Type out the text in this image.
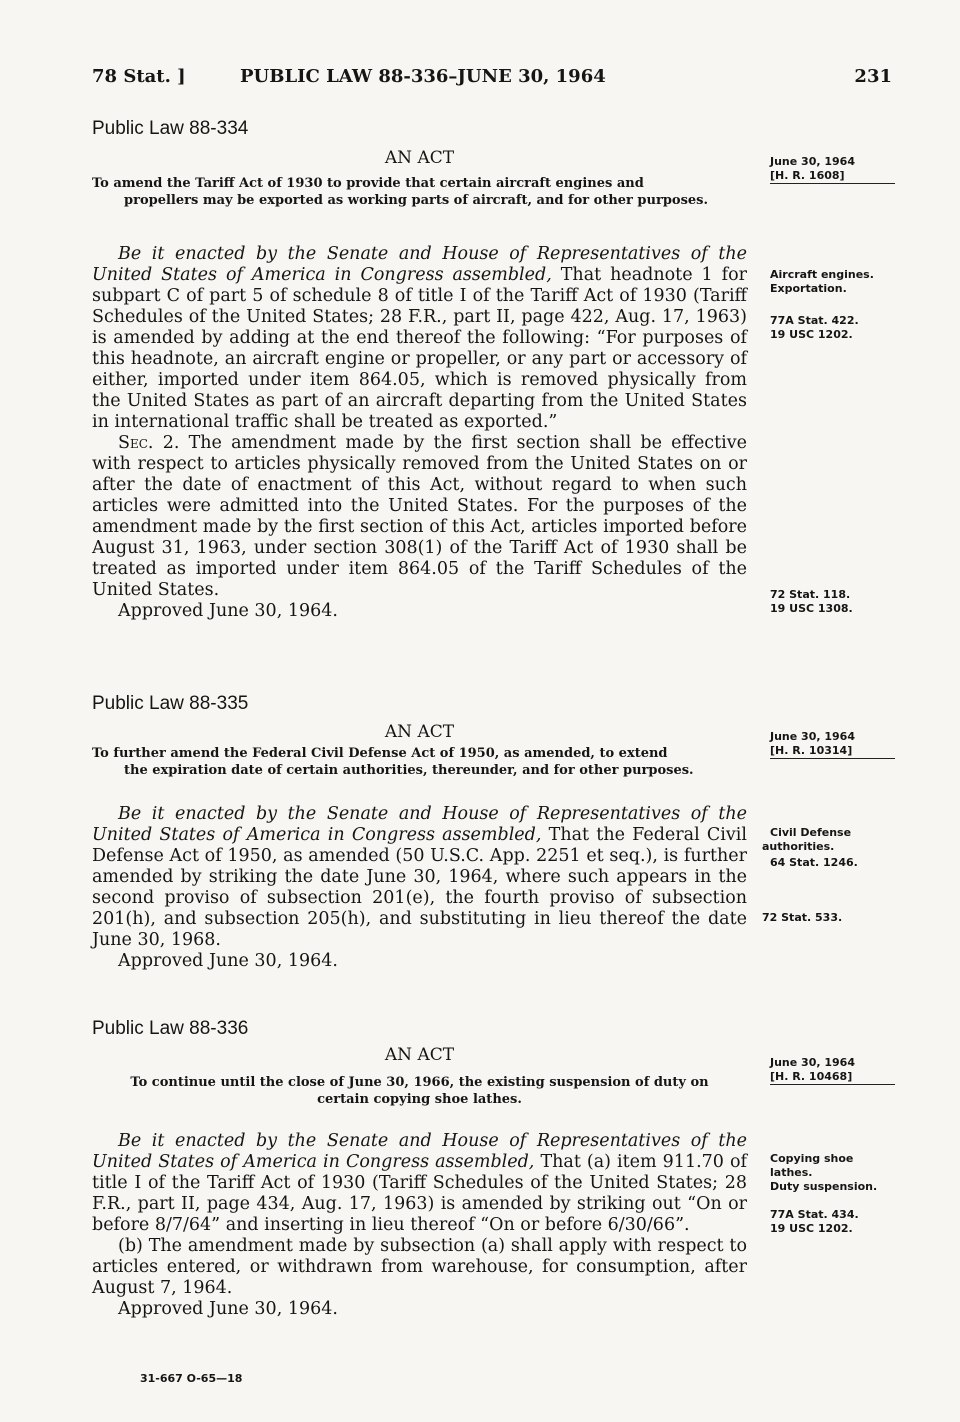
78 Stat. ]	PUBLIC LAW 88-336–JUNE 30, 1964	231
Public Law 88-334
AN ACT
To amend the Tariff Act of 1930 to provide that certain aircraft engines and
propellers may be exported as working parts of aircraft, and for other purposes.
June 30, 1964
[H. R. 1608]

Be it enacted by the Senate and House of Representatives of the United States of America in Congress assembled, That headnote 1 for subpart C of part 5 of schedule 8 of title I of the Tariff Act of 1930 (Tariff Schedules of the United States; 28 F.R., part II, page 422, Aug. 17, 1963) is amended by adding at the end thereof the following: “For purposes of this headnote, an aircraft engine or propeller, or any part or accessory of either, imported under item 864.05, which is removed physically from the United States as part of an aircraft departing from the United States in international traffic shall be treated as exported.”

Sec. 2. The amendment made by the first section shall be effective with respect to articles physically removed from the United States on or after the date of enactment of this Act, without regard to when such articles were admitted into the United States. For the purposes of the amendment made by the first section of this Act, articles imported before August 31, 1963, under section 308(1) of the Tariff Act of 1930 shall be treated as imported under item 864.05 of the Tariff Schedules of the United States.

Approved June 30, 1964.

Aircraft engines.
Exportation.
77A Stat. 422.
19 USC 1202.
72 Stat. 118.
19 USC 1308.
Public Law 88-335
AN ACT
To further amend the Federal Civil Defense Act of 1950, as amended, to extend
the expiration date of certain authorities, thereunder, and for other purposes.
June 30, 1964
[H. R. 10314]

Be it enacted by the Senate and House of Representatives of the United States of America in Congress assembled, That the Federal Civil Defense Act of 1950, as amended (50 U.S.C. App. 2251 et seq.), is further amended by striking the date June 30, 1964, where such appears in the second proviso of subsection 201(e), the fourth proviso of subsection 201(h), and subsection 205(h), and substituting in lieu thereof the date June 30, 1968.

Approved June 30, 1964.

Civil Defense
authorities.
64 Stat. 1246.
72 Stat. 533.
Public Law 88-336
AN ACT
To continue until the close of June 30, 1966, the existing suspension of duty on
certain copying shoe lathes.
June 30, 1964
[H. R. 10468]

Be it enacted by the Senate and House of Representatives of the United States of America in Congress assembled, That (a) item 911.70 of title I of the Tariff Act of 1930 (Tariff Schedules of the United States; 28 F.R., part II, page 434, Aug. 17, 1963) is amended by striking out “On or before 8/7/64” and inserting in lieu thereof “On or before 6/30/66”.

(b) The amendment made by subsection (a) shall apply with respect to articles entered, or withdrawn from warehouse, for consumption, after August 7, 1964.

Approved June 30, 1964.

Copying shoe lathes.
Duty suspension.
77A Stat. 434.
19 USC 1202.
31-667 O-65—18
